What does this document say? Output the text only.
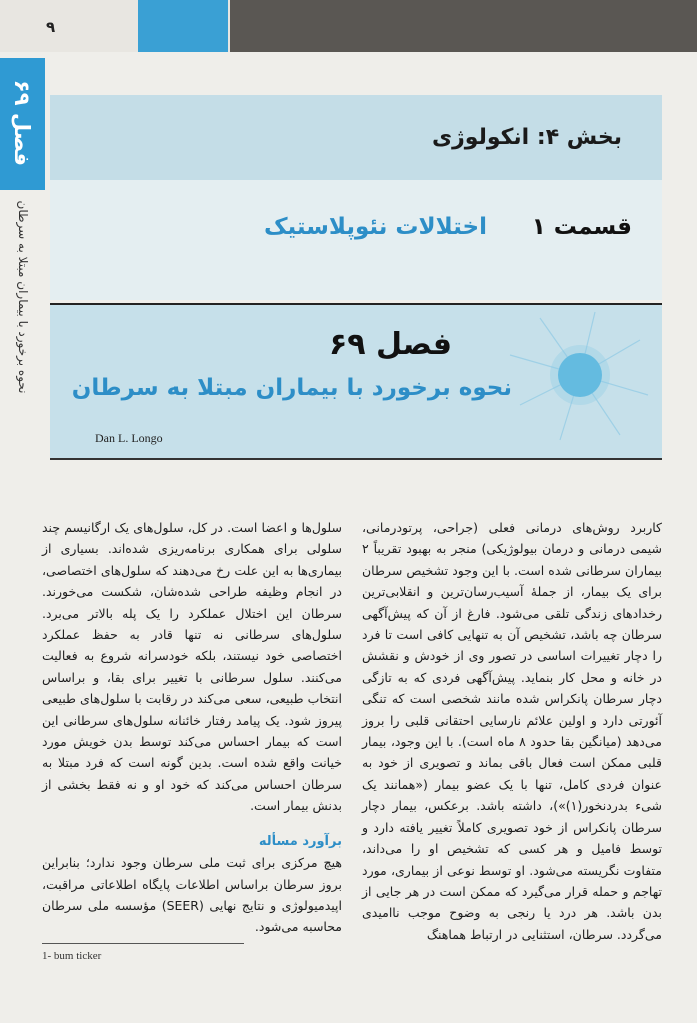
۹
فصل ۶۹
نحوه برخورد با بیماران مبتلا به سرطان
بخش ۴: انکولوژی
قسمت ۱
اختلالات نئوپلاستیک
فصل ۶۹
نحوه برخورد با بیماران مبتلا به سرطان
Dan L. Longo
کاربرد روش‌های درمانی فعلی (جراحی، پرتودرمانی، شیمی درمانی و درمان بیولوژیکی) منجر به بهبود تقریباً ۲ بیماران سرطانی شده است. با این وجود تشخیص سرطان برای یک بیمار، از جملهٔ آسیب‌رسان‌ترین و انقلابی‌ترین رخدادهای زندگی تلقی می‌شود. فارغ از آن که پیش‌آگهی سرطان چه باشد، تشخیص آن به تنهایی کافی است تا فرد را دچار تغییرات اساسی در تصور وی از خودش و نقشش در خانه و محل کار بنماید. پیش‌آگهی فردی که به تازگی دچار سرطان پانکراس شده مانند شخصی است که تنگی آئورتی دارد و اولین علائم نارسایی احتقانی قلبی را بروز می‌دهد (میانگین بقا حدود ۸ ماه است). با این وجود، بیمار قلبی ممکن است فعال باقی بماند و تصویری از خود به عنوان فردی کامل، تنها با یک عضو بیمار («همانند یک شیء بدردنخور(۱)»)، داشته باشد. برعکس، بیمار دچار سرطان پانکراس از خود تصویری کاملاً تغییر یافته دارد و توسط فامیل و هر کسی که تشخیص او را می‌داند، متفاوت نگریسته می‌شود. او توسط نوعی از بیماری، مورد تهاجم و حمله قرار می‌گیرد که ممکن است در هر جایی از بدن باشد. هر درد یا رنجی به وضوح موجب ناامیدی می‌گردد. سرطان، استثنایی در ارتباط هماهنگ
سلول‌ها و اعضا است. در کل، سلول‌های یک ارگانیسم چند سلولی برای همکاری برنامه‌ریزی شده‌اند. بسیاری از بیماری‌ها به این علت رخ می‌دهند که سلول‌های اختصاصی، در انجام وظیفه طراحی شده‌شان، شکست می‌خورند. سرطان این اختلال عملکرد را یک پله بالاتر می‌برد. سلول‌های سرطانی نه تنها قادر به حفظ عملکرد اختصاصی خود نیستند، بلکه خودسرانه شروع به فعالیت می‌کنند. سلول سرطانی با تغییر برای بقا، و براساس انتخاب طبیعی، سعی می‌کند در رقابت با سلول‌های طبیعی پیروز شود. یک پیامد رفتار خائنانه سلول‌های سرطانی این است که بیمار احساس می‌کند توسط بدن خویش مورد خیانت واقع شده است. بدین گونه است که فرد مبتلا به سرطان احساس می‌کند که خود او و نه فقط بخشی از بدنش بیمار است.
برآورد مسأله
هیچ مرکزی برای ثبت ملی سرطان وجود ندارد؛ بنابراین بروز سرطان براساس اطلاعات پایگاه اطلاعاتی مراقبت، اپیدمیولوژی و نتایج نهایی (SEER) مؤسسه ملی سرطان محاسبه می‌شود.
1- bum ticker
